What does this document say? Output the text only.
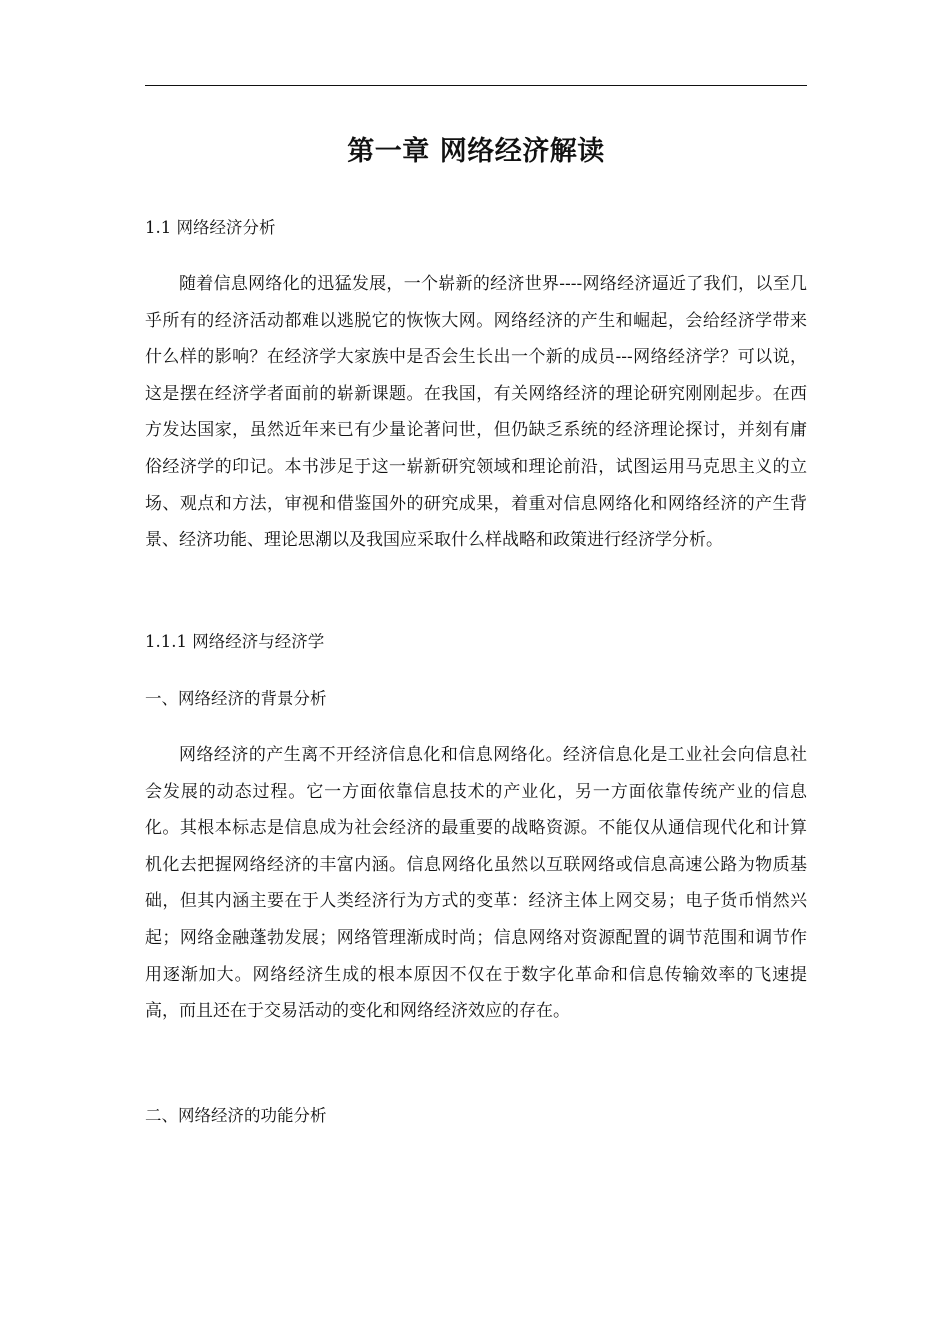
第一章 网络经济解读
1.1 网络经济分析

随着信息网络化的迅猛发展，一个崭新的经济世界----网络经济逼近了我们，以至几乎所有的经济活动都难以逃脱它的恢恢大网。网络经济的产生和崛起，会给经济学带来什么样的影响？在经济学大家族中是否会生长出一个新的成员---网络经济学？可以说，这是摆在经济学者面前的崭新课题。在我国，有关网络经济的理论研究刚刚起步。在西方发达国家，虽然近年来已有少量论著问世，但仍缺乏系统的经济理论探讨，并刻有庸俗经济学的印记。本书涉足于这一崭新研究领域和理论前沿，试图运用马克思主义的立场、观点和方法，审视和借鉴国外的研究成果，着重对信息网络化和网络经济的产生背景、经济功能、理论思潮以及我国应采取什么样战略和政策进行经济学分析。

1.1.1 网络经济与经济学
一、网络经济的背景分析

网络经济的产生离不开经济信息化和信息网络化。经济信息化是工业社会向信息社会发展的动态过程。它一方面依靠信息技术的产业化，另一方面依靠传统产业的信息化。其根本标志是信息成为社会经济的最重要的战略资源。不能仅从通信现代化和计算机化去把握网络经济的丰富内涵。信息网络化虽然以互联网络或信息高速公路为物质基础，但其内涵主要在于人类经济行为方式的变革：经济主体上网交易；电子货币悄然兴起；网络金融蓬勃发展；网络管理渐成时尚；信息网络对资源配置的调节范围和调节作用逐渐加大。网络经济生成的根本原因不仅在于数字化革命和信息传输效率的飞速提高，而且还在于交易活动的变化和网络经济效应的存在。

二、网络经济的功能分析
